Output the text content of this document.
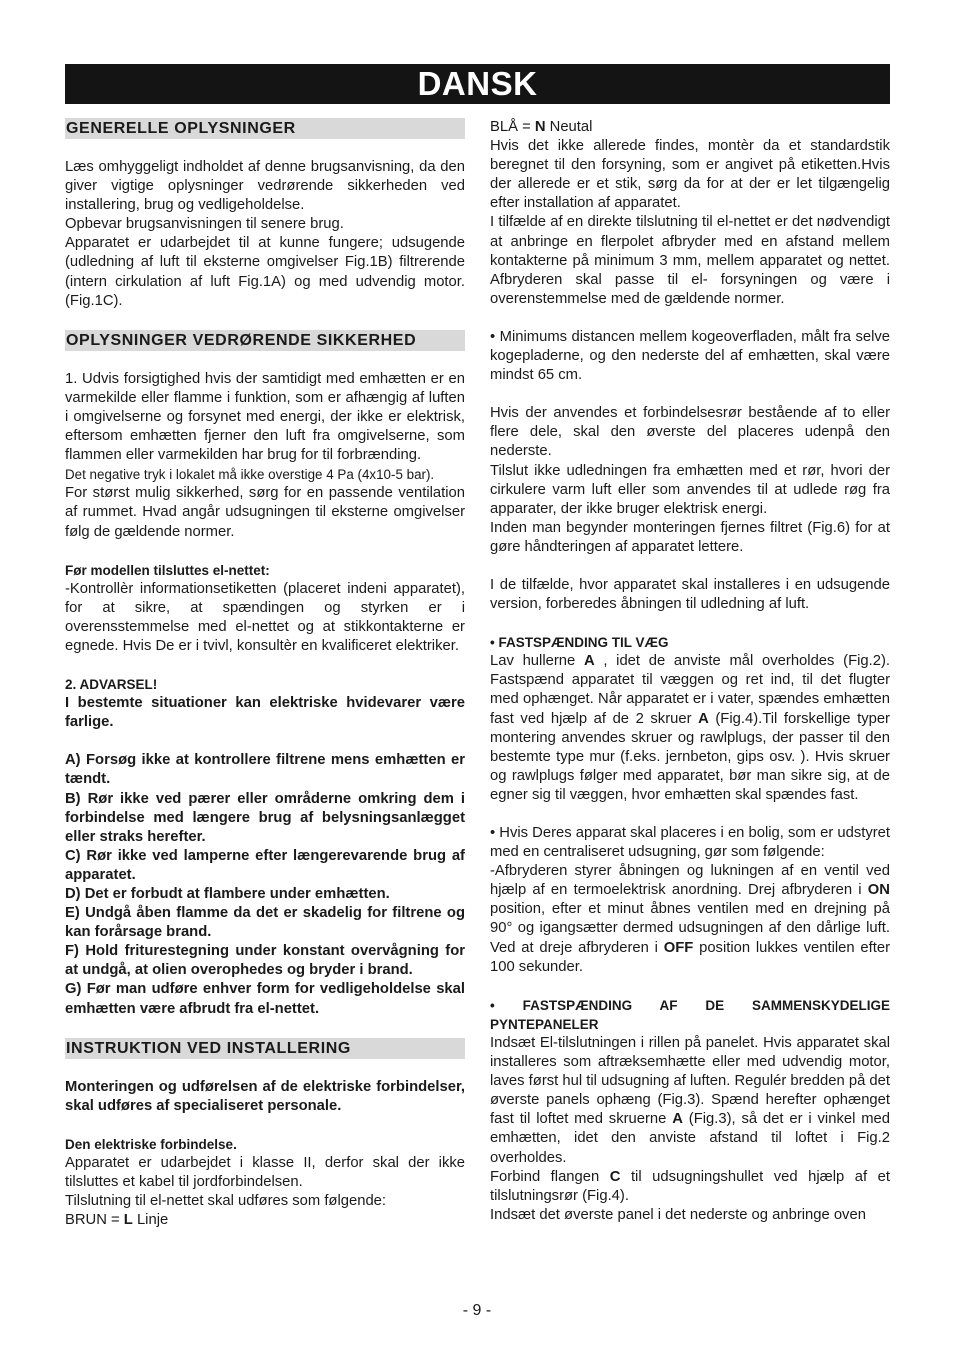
DANSK
DK
GENERELLE OPLYSNINGER

Læs omhyggeligt indholdet af denne brugsanvisning, da den giver vigtige oplysninger vedrørende sikkerheden ved installering, brug og vedligeholdelse.

Opbevar brugsanvisningen til senere brug.

Apparatet er udarbejdet til at kunne fungere; udsugende (udledning af luft til eksterne omgivelser Fig.1B) filtrerende (intern cirkulation af luft Fig.1A) og med udvendig motor. (Fig.1C).

OPLYSNINGER VEDRØRENDE SIKKERHED

1. Udvis forsigtighed hvis der samtidigt med emhætten er en varmekilde eller flamme i funktion, som er afhængig af luften i omgivelserne og forsynet med energi, der ikke er elektrisk, eftersom emhætten fjerner den luft fra omgivelserne, som flammen eller varmekilden har brug for til forbrænding.

Det negative tryk i lokalet må ikke overstige 4 Pa (4x10-5 bar).

For størst mulig sikkerhed, sørg for en passende ventilation af rummet. Hvad angår udsugningen til eksterne omgivelser følg de gældende normer.

Før modellen tilsluttes el-nettet:

-Kontrollèr informationsetiketten (placeret indeni apparatet), for at sikre, at spændingen og styrken er i overensstemmelse med el-nettet og at stikkontakterne er egnede. Hvis De er i tvivl, konsultèr en kvalificeret elektriker.

2. ADVARSEL!

I bestemte situationer kan elektriske hvidevarer være farlige.

A) Forsøg ikke at kontrollere filtrene mens emhætten er tændt.

B) Rør ikke ved pærer eller områderne omkring dem i forbindelse med længere brug af belysningsanlægget eller straks herefter.

C) Rør ikke ved lamperne efter længerevarende brug af apparatet.

D) Det er forbudt at flambere under emhætten.

E) Undgå åben flamme da det er skadelig for filtrene og kan forårsage brand.

F) Hold friturestegning under konstant overvågning for at undgå, at olien overophedes og bryder i brand.

G) Før man udføre enhver form for vedligeholdelse skal emhætten være afbrudt fra el-nettet.

INSTRUKTION VED INSTALLERING

Monteringen og udførelsen af de elektriske forbindelser, skal udføres af specialiseret personale.

Den elektriske forbindelse.

Apparatet er udarbejdet i klasse II, derfor skal der ikke tilsluttes et kabel til jordforbindelsen.

Tilslutning til el-nettet skal udføres som følgende:

BRUN = L Linje

BLÅ = N Neutal

Hvis det ikke allerede findes, montèr da et standardstik beregnet til den forsyning, som er angivet på etiketten.Hvis der allerede er et stik, sørg da for at der er let tilgængelig efter installation af apparatet.

I tilfælde af en direkte tilslutning til el-nettet er det nødvendigt at anbringe en flerpolet afbryder med en afstand mellem kontakterne på minimum 3 mm, mellem apparatet og nettet. Afbryderen skal passe til el- forsyningen og være i overenstemmelse med de gældende normer.

• Minimums distancen mellem kogeoverfladen, målt fra selve kogepladerne, og den nederste del af emhætten, skal være mindst 65 cm.

Hvis der anvendes et forbindelsesrør bestående af to eller flere dele, skal den øverste del placeres udenpå den nederste.

Tilslut ikke udledningen fra emhætten med et rør, hvori der cirkulere varm luft eller som anvendes til at udlede røg fra apparater, der ikke bruger elektrisk energi.

Inden man begynder monteringen fjernes filtret (Fig.6) for at gøre håndteringen af apparatet lettere.

I de tilfælde, hvor apparatet skal installeres i en udsugende version, forberedes åbningen til udledning af luft.

• FASTSPÆNDING TIL VÆG

Lav hullerne A , idet de anviste mål overholdes (Fig.2). Fastspænd apparatet til væggen og ret ind, til det flugter med ophænget. Når apparatet er i vater, spændes emhætten fast ved hjælp af de 2 skruer A (Fig.4).Til forskellige typer montering anvendes skruer og rawlplugs, der passer til den bestemte type mur (f.eks. jernbeton, gips osv. ). Hvis skruer og rawlplugs følger med apparatet, bør man sikre sig, at de egner sig til væggen, hvor emhætten skal spændes fast.

• Hvis Deres apparat skal placeres i en bolig, som er udstyret med en centraliseret udsugning, gør som følgende:

-Afbryderen styrer åbningen og lukningen af en ventil ved hjælp af en termoelektrisk anordning. Drej afbryderen i ON position, efter et minut åbnes ventilen med en drejning på 90° og igangsætter dermed udsugningen af den dårlige luft. Ved at dreje afbryderen i OFF position lukkes ventilen efter 100 sekunder.

• FASTSPÆNDING AF DE SAMMENSKYDELIGE PYNTEPANELER

Indsæt El-tilslutningen i rillen på panelet. Hvis apparatet skal installeres som aftræksemhætte eller med udvendig motor, laves først hul til udsugning af luften. Regulér bredden på det øverste panels ophæng (Fig.3). Spænd herefter ophænget fast til loftet med skruerne A (Fig.3), så det er i vinkel med emhætten, idet den anviste afstand til loftet i Fig.2 overholdes.

Forbind flangen C til udsugningshullet ved hjælp af et tilslutningsrør (Fig.4).

Indsæt det øverste panel i det nederste og anbringe oven

- 9 -
